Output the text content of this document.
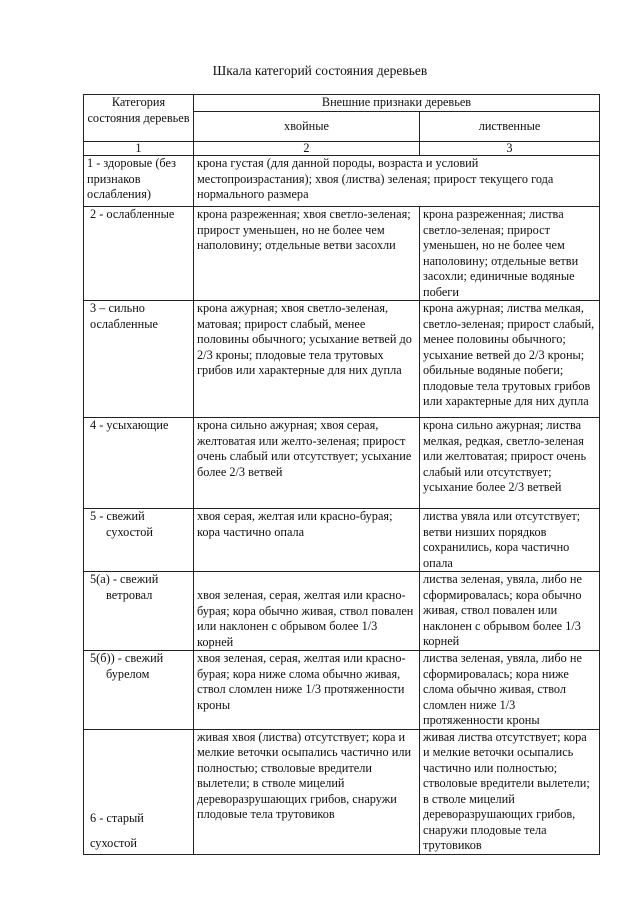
Шкала категорий состояния деревьев
Категория состояния деревьев	Внешние признаки деревьев	
	хвойные	лиственные
1	2	3
1 - здоровые (без признаков ослабления)	крона густая (для данной породы, возраста и условий местопроизрастания); хвоя (листва) зеленая; прирост текущего года нормального размера	
2 - ослабленные	крона разреженная; хвоя светло-зеленая; прирост уменьшен, но не более чем наполовину; отдельные ветви засохли	крона разреженная; листва светло-зеленая; прирост уменьшен, но не более чем наполовину; отдельные ветви засохли; единичные водяные побеги

3 – сильно
ослабленные	крона ажурная; хвоя светло-зеленая, матовая; прирост слабый, менее половины обычного; усыхание ветвей до 2/3 кроны; плодовые тела трутовых грибов или характерные для них дупла	крона ажурная; листва мелкая, светло-зеленая; прирост слабый, менее половины обычного; усыхание ветвей до 2/3 кроны; обильные водяные побеги; плодовые тела трутовых грибов или характерные для них дупла
4 - усыхающие	крона сильно ажурная; хвоя серая, желтоватая или желто-зеленая; прирост очень слабый или отсутствует; усыхание более 2/3 ветвей	крона сильно ажурная; листва мелкая, редкая, светло-зеленая или желтоватая; прирост очень слабый или отсутствует; усыхание более 2/3 ветвей

5 - свежий
сухостой	хвоя серая, желтая или красно-бурая; кора частично опала	листва увяла или отсутствует; ветви низших порядков сохранились, кора частично опала

5(а) - свежий
ветровал	хвоя зеленая, серая, желтая или красно-бурая; кора обычно живая, ствол повален или наклонен с обрывом более 1/3 корней	листва зеленая, увяла, либо не сформировалась; кора обычно живая, ствол повален или наклонен с обрывом более 1/3 корней

5(б)) - свежий
бурелом	хвоя зеленая, серая, желтая или красно-бурая; кора ниже слома обычно живая, ствол сломлен ниже 1/3 протяженности кроны	листва зеленая, увяла, либо не сформировалась; кора ниже слома обычно живая, ствол сломлен ниже 1/3 протяженности кроны

6 - старый
сухостой	живая хвоя (листва) отсутствует; кора и мелкие веточки осыпались частично или полностью; стволовые вредители вылетели; в стволе мицелий дереворазрушающих грибов, снаружи плодовые тела трутовиков	живая листва отсутствует; кора и мелкие веточки осыпались частично или полностью; стволовые вредители вылетели; в стволе мицелий дереворазрушающих грибов, снаружи плодовые тела трутовиков
